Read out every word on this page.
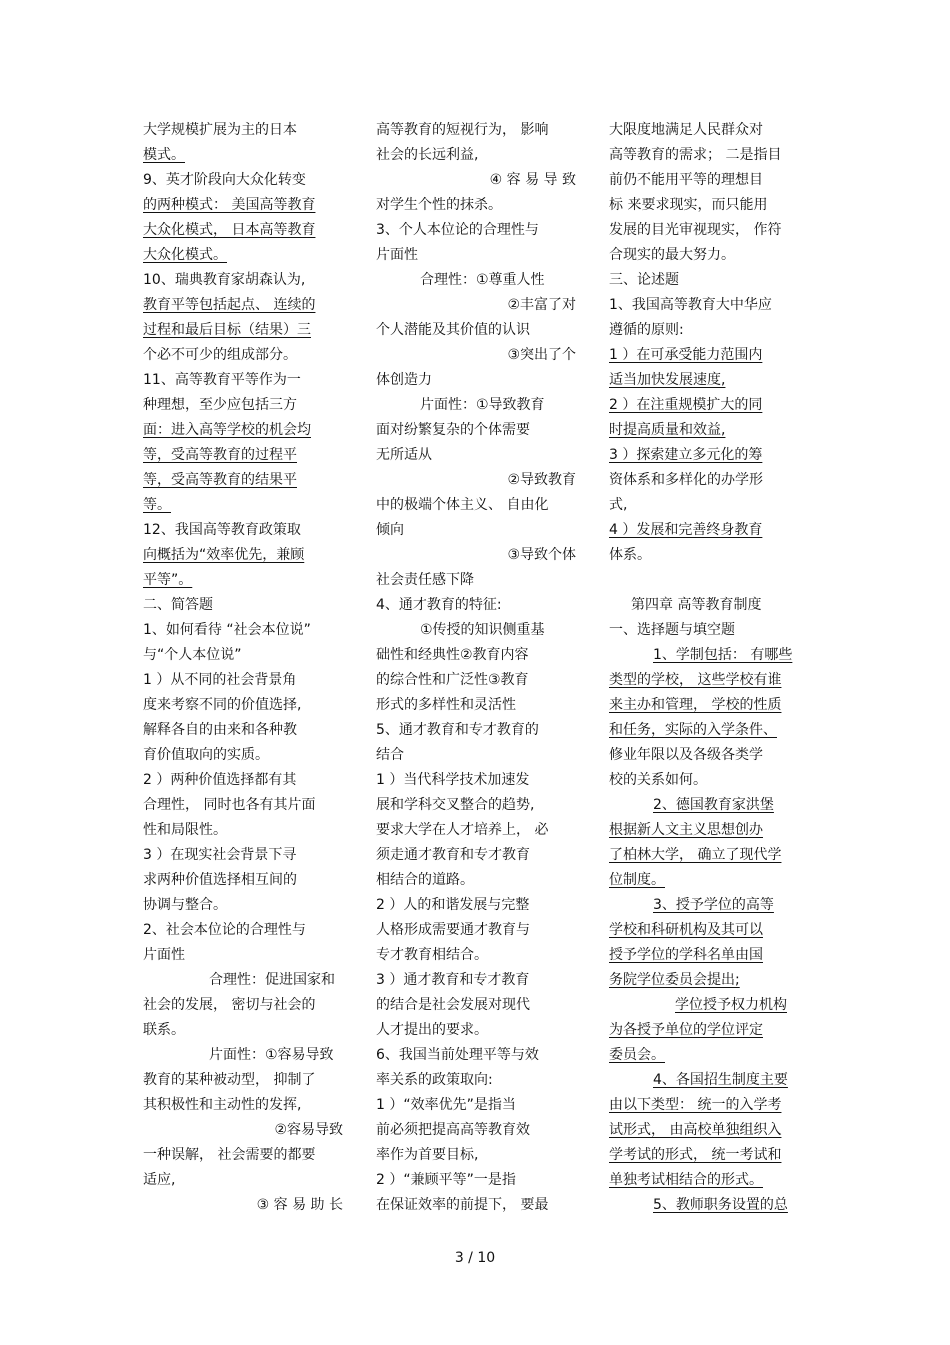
大学规模扩展为主的日本
模式。
9、英才阶段向大众化转变
的两种模式： 美国高等教育
大众化模式， 日本高等教育
大众化模式。
10、瑞典教育家胡森认为,
教育平等包括起点、 连续的
过程和最后目标（结果）三
个必不可少的组成部分。
11、高等教育平等作为一
种理想，至少应包括三方
面：进入高等学校的机会均
等，受高等教育的过程平
等，受高等教育的结果平
等。
12、我国高等教育政策取
向概括为“效率优先，兼顾
平等”。
二、简答题
1、如何看待 “社会本位说”
与“个人本位说”
1 ）从不同的社会背景角
度来考察不同的价值选择,
解释各自的由来和各种教
育价值取向的实质。
2 ）两种价值选择都有其
合理性， 同时也各有其片面
性和局限性。
3 ）在现实社会背景下寻
求两种价值选择相互间的
协调与整合。
2、社会本位论的合理性与
片面性
合理性：促进国家和
社会的发展， 密切与社会的
联系。
片面性：①容易导致
教育的某种被动型， 抑制了
其积极性和主动性的发挥,
②容易导致
一种误解， 社会需要的都要
适应,
③ 容 易 助 长
高等教育的短视行为， 影响
社会的长远利益,
④ 容 易 导 致
对学生个性的抹杀。
3、个人本位论的合理性与
片面性
合理性：①尊重人性
②丰富了对
个人潜能及其价值的认识
③突出了个
体创造力
片面性：①导致教育
面对纷繁复杂的个体需要
无所适从
②导致教育
中的极端个体主义、 自由化
倾向
③导致个体
社会责任感下降
4、通才教育的特征:
①传授的知识侧重基
础性和经典性②教育内容
的综合性和广泛性③教育
形式的多样性和灵活性
5、通才教育和专才教育的
结合
1 ）当代科学技术加速发
展和学科交叉整合的趋势,
要求大学在人才培养上， 必
须走通才教育和专才教育
相结合的道路。
2 ）人的和谐发展与完整
人格形成需要通才教育与
专才教育相结合。
3 ）通才教育和专才教育
的结合是社会发展对现代
人才提出的要求。
6、我国当前处理平等与效
率关系的政策取向:
1 ）“效率优先”是指当
前必须把提高高等教育效
率作为首要目标,
2 ）“兼顾平等”一是指
在保证效率的前提下， 要最
大限度地满足人民群众对
高等教育的需求； 二是指目
前仍不能用平等的理想目
标 来要求现实，而只能用
发展的目光审视现实， 作符
合现实的最大努力。
三、论述题
1、我国高等教育大中华应
遵循的原则:
1 ）在可承受能力范围内
适当加快发展速度,
2 ）在注重规模扩大的同
时提高质量和效益,
3 ）探索建立多元化的筹
资体系和多样化的办学形
式,
4 ）发展和完善终身教育
体系。
第四章 高等教育制度
一、选择题与填空题
1、学制包括： 有哪些
类型的学校， 这些学校有谁
来主办和管理， 学校的性质
和任务，实际的入学条件、
修业年限以及各级各类学
校的关系如何。
2、德国教育家洪堡
根据新人文主义思想创办
了柏林大学， 确立了现代学
位制度。
3、授予学位的高等
学校和科研机构及其可以
授予学位的学科名单由国
务院学位委员会提出;
学位授予权力机构
为各授予单位的学位评定
委员会。
4、各国招生制度主要
由以下类型： 统一的入学考
试形式， 由高校单独组织入
学考试的形式， 统一考试和
单独考试相结合的形式。
5、教师职务设置的总
3 / 10
